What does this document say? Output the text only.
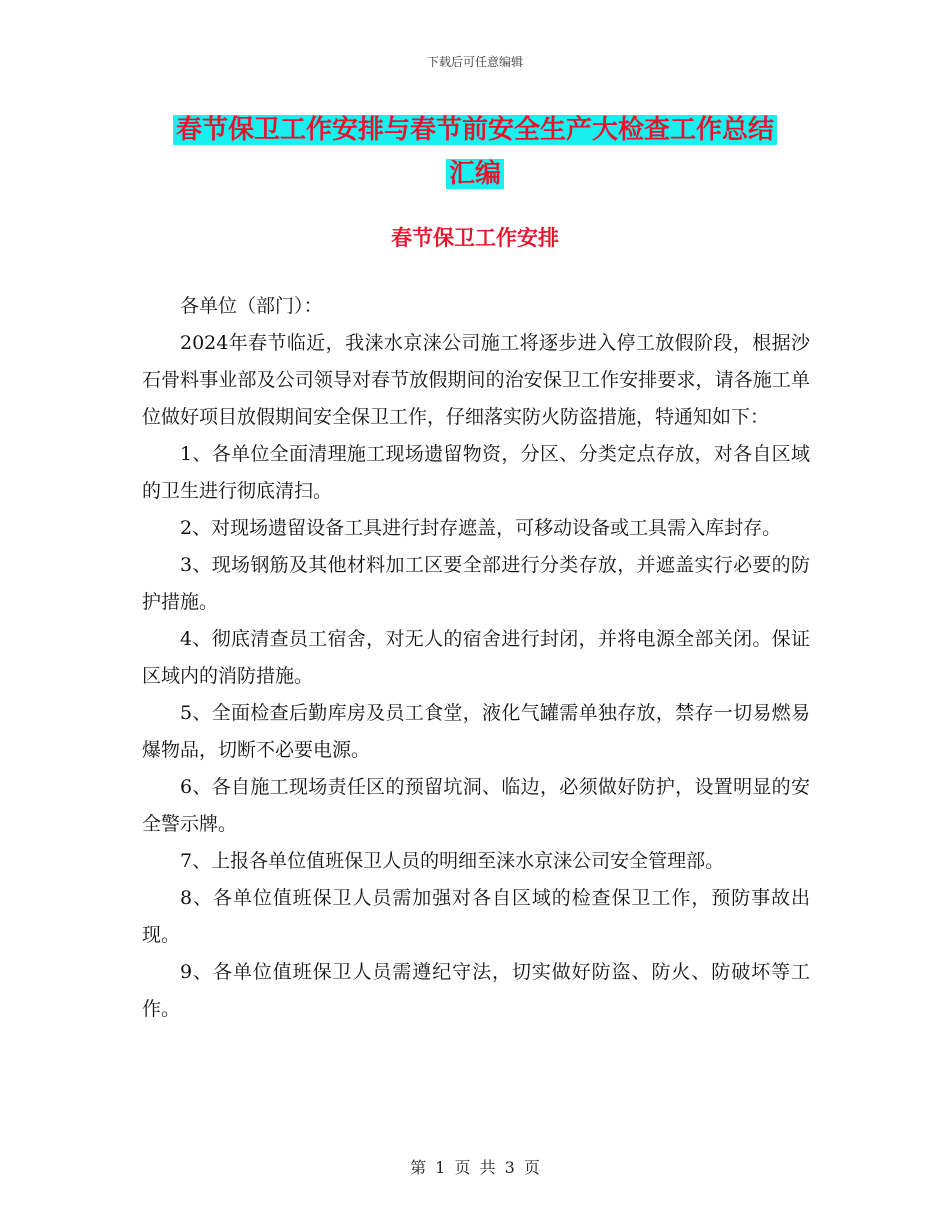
下载后可任意编辑
春节保卫工作安排与春节前安全生产大检查工作总结
汇编
春节保卫工作安排

各单位（部门）：

2024年春节临近，我涞水京涞公司施工将逐步进入停工放假阶段，根据沙石骨料事业部及公司领导对春节放假期间的治安保卫工作安排要求，请各施工单位做好项目放假期间安全保卫工作，仔细落实防火防盗措施，特通知如下：

1、各单位全面清理施工现场遗留物资，分区、分类定点存放，对各自区域的卫生进行彻底清扫。

2、对现场遗留设备工具进行封存遮盖，可移动设备或工具需入库封存。

3、现场钢筋及其他材料加工区要全部进行分类存放，并遮盖实行必要的防护措施。

4、彻底清查员工宿舍，对无人的宿舍进行封闭，并将电源全部关闭。保证区域内的消防措施。

5、全面检查后勤库房及员工食堂，液化气罐需单独存放，禁存一切易燃易爆物品，切断不必要电源。

6、各自施工现场责任区的预留坑洞、临边，必须做好防护，设置明显的安全警示牌。

7、上报各单位值班保卫人员的明细至涞水京涞公司安全管理部。

8、各单位值班保卫人员需加强对各自区域的检查保卫工作，预防事故出现。

9、各单位值班保卫人员需遵纪守法，切实做好防盗、防火、防破坏等工作。

第 1 页 共 3 页
